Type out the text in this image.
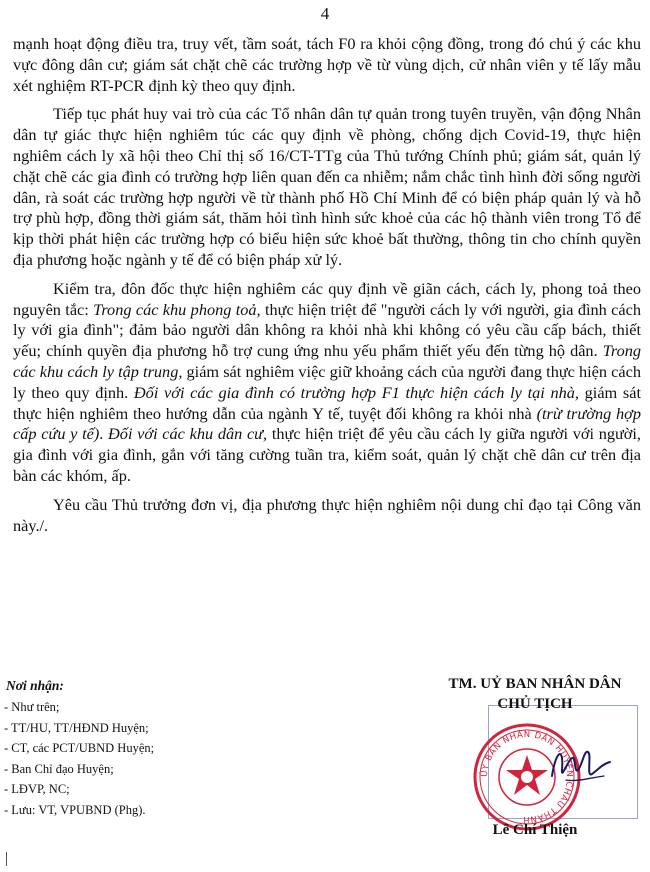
4

mạnh hoạt động điều tra, truy vết, tầm soát, tách F0 ra khỏi cộng đồng, trong đó chú ý các khu vực đông dân cư; giám sát chặt chẽ các trường hợp về từ vùng dịch, cử nhân viên y tế lấy mẫu xét nghiệm RT-PCR định kỳ theo quy định.

Tiếp tục phát huy vai trò của các Tổ nhân dân tự quản trong tuyên truyền, vận động Nhân dân tự giác thực hiện nghiêm túc các quy định về phòng, chống dịch Covid-19, thực hiện nghiêm cách ly xã hội theo Chỉ thị số 16/CT-TTg của Thủ tướng Chính phủ; giám sát, quản lý chặt chẽ các gia đình có trường hợp liên quan đến ca nhiễm; nắm chắc tình hình đời sống người dân, rà soát các trường hợp người về từ thành phố Hồ Chí Minh để có biện pháp quản lý và hỗ trợ phù hợp, đồng thời giám sát, thăm hỏi tình hình sức khoẻ của các hộ thành viên trong Tổ để kịp thời phát hiện các trường hợp có biểu hiện sức khoẻ bất thường, thông tin cho chính quyền địa phương hoặc ngành y tế để có biện pháp xử lý.

Kiểm tra, đôn đốc thực hiện nghiêm các quy định về giãn cách, cách ly, phong toả theo nguyên tắc: Trong các khu phong toả, thực hiện triệt để "người cách ly với người, gia đình cách ly với gia đình"; đảm bảo người dân không ra khỏi nhà khi không có yêu cầu cấp bách, thiết yếu; chính quyền địa phương hỗ trợ cung ứng nhu yếu phẩm thiết yếu đến từng hộ dân. Trong các khu cách ly tập trung, giám sát nghiêm việc giữ khoảng cách của người đang thực hiện cách ly theo quy định. Đối với các gia đình có trường hợp F1 thực hiện cách ly tại nhà, giám sát thực hiện nghiêm theo hướng dẫn của ngành Y tế, tuyệt đối không ra khỏi nhà (trừ trường hợp cấp cứu y tế). Đối với các khu dân cư, thực hiện triệt để yêu cầu cách ly giữa người với người, gia đình với gia đình, gắn với tăng cường tuần tra, kiểm soát, quản lý chặt chẽ dân cư trên địa bàn các khóm, ấp.

Yêu cầu Thủ trưởng đơn vị, địa phương thực hiện nghiêm nội dung chỉ đạo tại Công văn này./.

Nơi nhận:
- Như trên;
- TT/HU, TT/HĐND Huyện;
- CT, các PCT/UBND Huyện;
- Ban Chỉ đạo Huyện;
- LĐVP, NC;
- Lưu: VT, VPUBND (Phg).
ỦY BAN NHÂN DÂN HUYỆN CHÂU THÀNH
TM. UỶ BAN NHÂN DÂN
CHỦ TỊCH
Lê Chí Thiện
